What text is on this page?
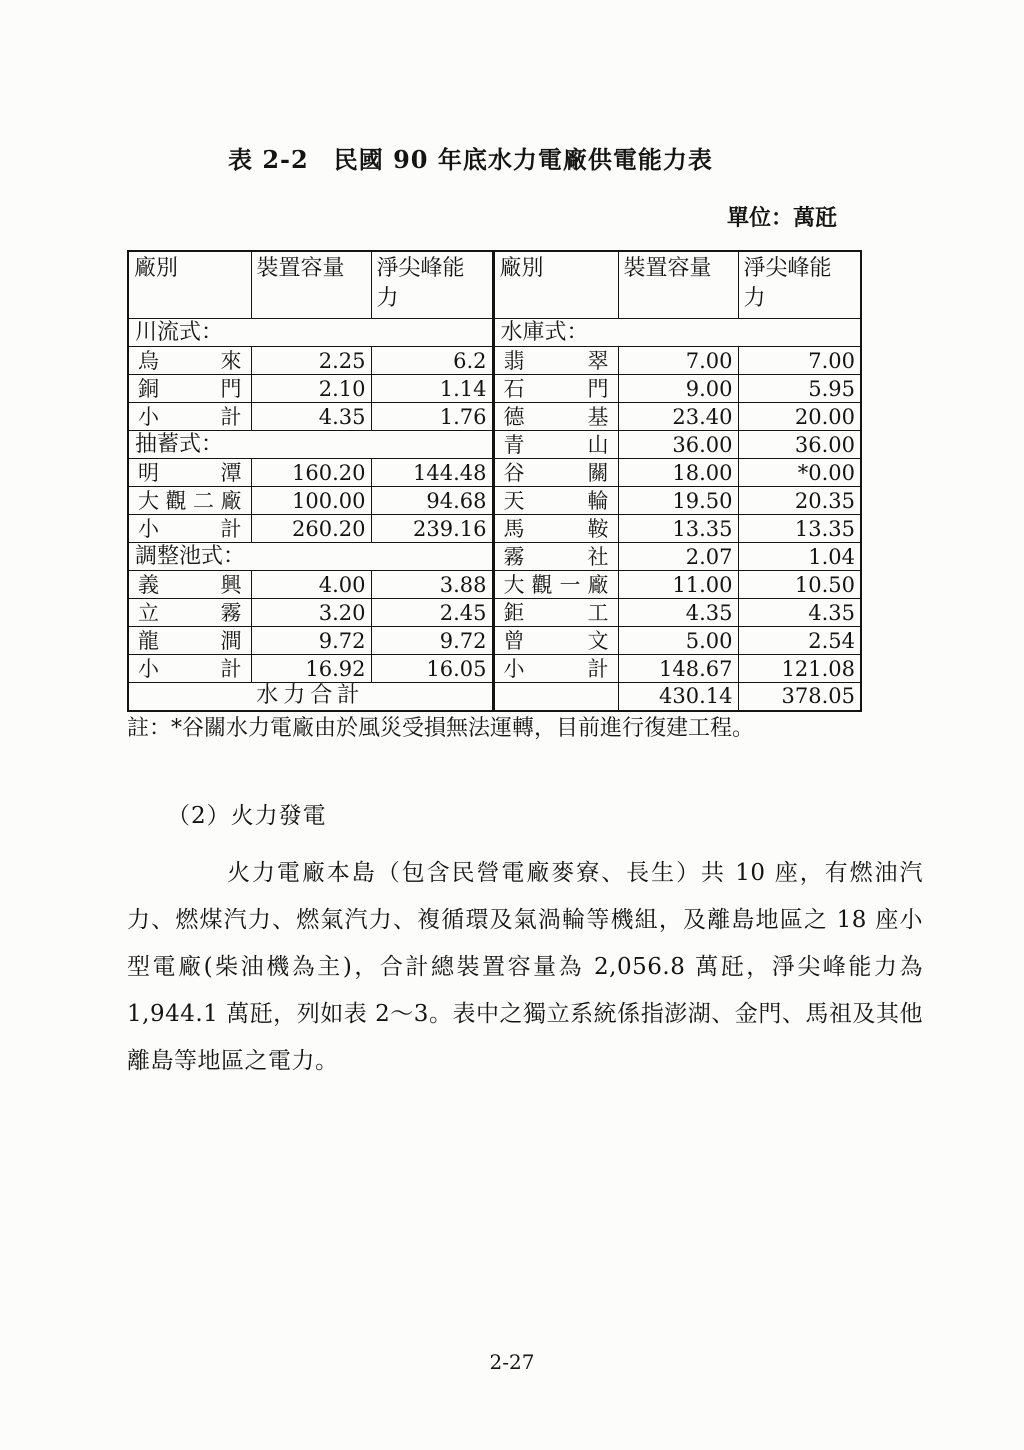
表 2-2　民國 90 年底水力電廠供電能力表
單位：萬瓩
廠別	裝置容量	淨尖峰能力	廠別	裝置容量	淨尖峰能力
川流式：			水庫式：		

烏 來	2.25	6.2	翡 翠	7.00	7.00

銅 門	2.10	1.14	石 門	9.00	5.95

小 計	4.35	1.76	德 基	23.40	20.00
抽蓄式：			青 山	36.00	36.00

明 潭	160.20	144.48	谷 關	18.00	*0.00

大 觀 二 廠	100.00	94.68	天 輪	19.50	20.35

小 計	260.20	239.16	馬 鞍	13.35	13.35
調整池式：			霧 社	2.07	1.04

義 興	4.00	3.88	大 觀 一 廠	11.00	10.50

立 霧	3.20	2.45	鉅 工	4.35	4.35

龍 澗	9.72	9.72	曾 文	5.00	2.54

小 計	16.92	16.05	小 計	148.67	121.08
水力合計				430.14	378.05
註：*谷關水力電廠由於風災受損無法運轉，目前進行復建工程。
（2）火力發電

火力電廠本島（包含民營電廠麥寮、長生）共 10 座，有燃油汽力、燃煤汽力、燃氣汽力、複循環及氣渦輪等機組，及離島地區之 18 座小型電廠(柴油機為主)，合計總裝置容量為 2,056.8 萬瓩，淨尖峰能力為 1,944.1 萬瓩，列如表 2～3。表中之獨立系統係指澎湖、金門、馬祖及其他離島等地區之電力。

2-27
